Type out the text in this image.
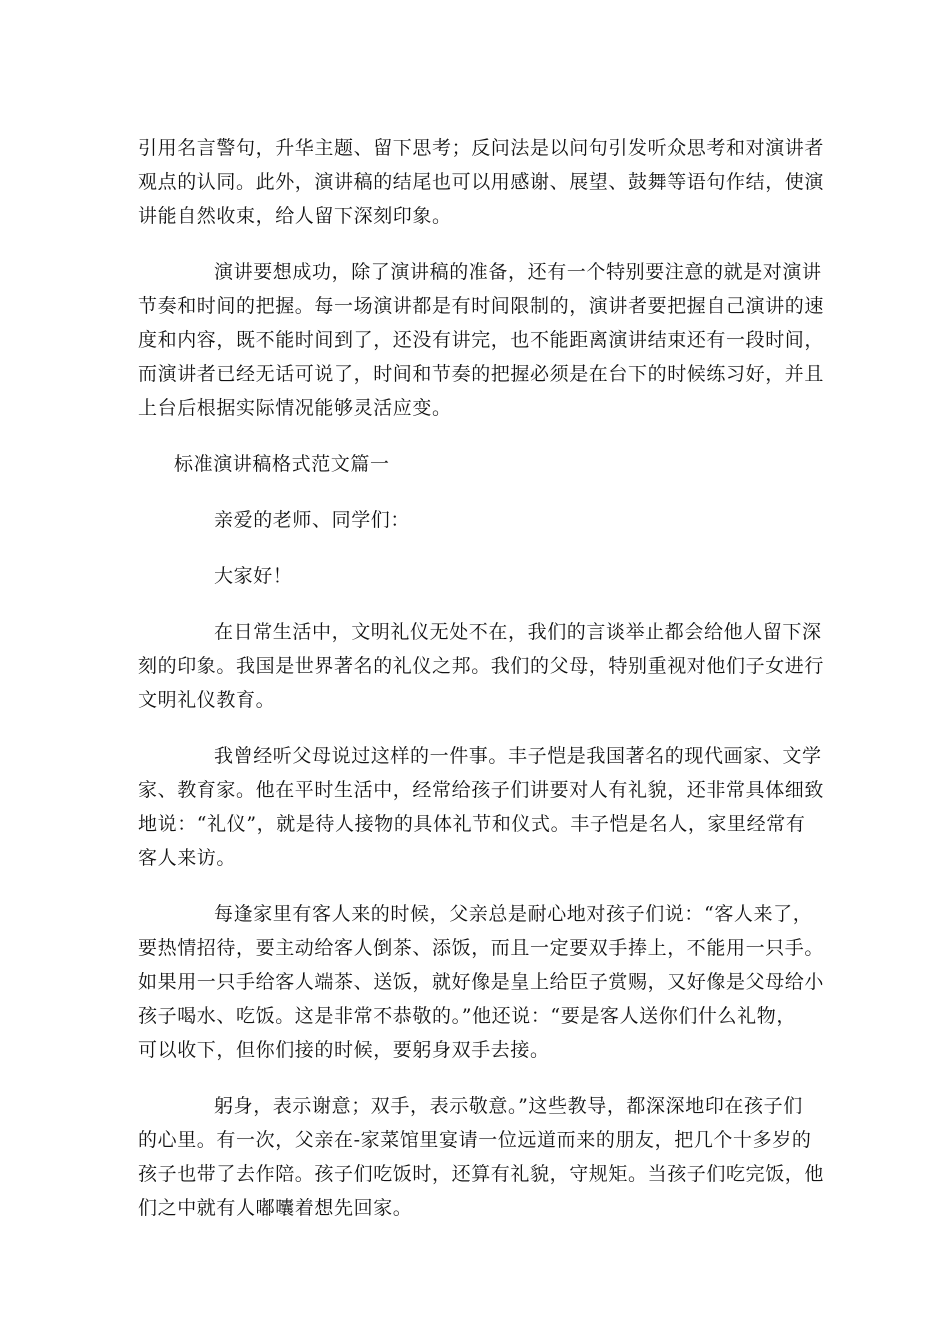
引用名言警句，升华主题、留下思考；反问法是以问句引发听众思考和对演讲者
观点的认同。此外，演讲稿的结尾也可以用感谢、展望、鼓舞等语句作结，使演
讲能自然收束，给人留下深刻印象。
演讲要想成功，除了演讲稿的准备，还有一个特别要注意的就是对演讲
节奏和时间的把握。每一场演讲都是有时间限制的，演讲者要把握自己演讲的速
度和内容，既不能时间到了，还没有讲完，也不能距离演讲结束还有一段时间，
而演讲者已经无话可说了，时间和节奏的把握必须是在台下的时候练习好，并且
上台后根据实际情况能够灵活应变。
标准演讲稿格式范文篇一
亲爱的老师、同学们：
大家好！
在日常生活中，文明礼仪无处不在，我们的言谈举止都会给他人留下深
刻的印象。我国是世界著名的礼仪之邦。我们的父母，特别重视对他们子女进行
文明礼仪教育。
我曾经听父母说过这样的一件事。丰子恺是我国著名的现代画家、文学
家、教育家。他在平时生活中，经常给孩子们讲要对人有礼貌，还非常具体细致
地说：“礼仪”，就是待人接物的具体礼节和仪式。丰子恺是名人，家里经常有
客人来访。
每逢家里有客人来的时候，父亲总是耐心地对孩子们说：“客人来了，
要热情招待，要主动给客人倒茶、添饭，而且一定要双手捧上，不能用一只手。
如果用一只手给客人端茶、送饭，就好像是皇上给臣子赏赐，又好像是父母给小
孩子喝水、吃饭。这是非常不恭敬的。”他还说：“要是客人送你们什么礼物，
可以收下，但你们接的时候，要躬身双手去接。
躬身，表示谢意；双手，表示敬意。”这些教导，都深深地印在孩子们
的心里。有一次，父亲在-家菜馆里宴请一位远道而来的朋友，把几个十多岁的
孩子也带了去作陪。孩子们吃饭时，还算有礼貌，守规矩。当孩子们吃完饭，他
们之中就有人嘟囔着想先回家。
